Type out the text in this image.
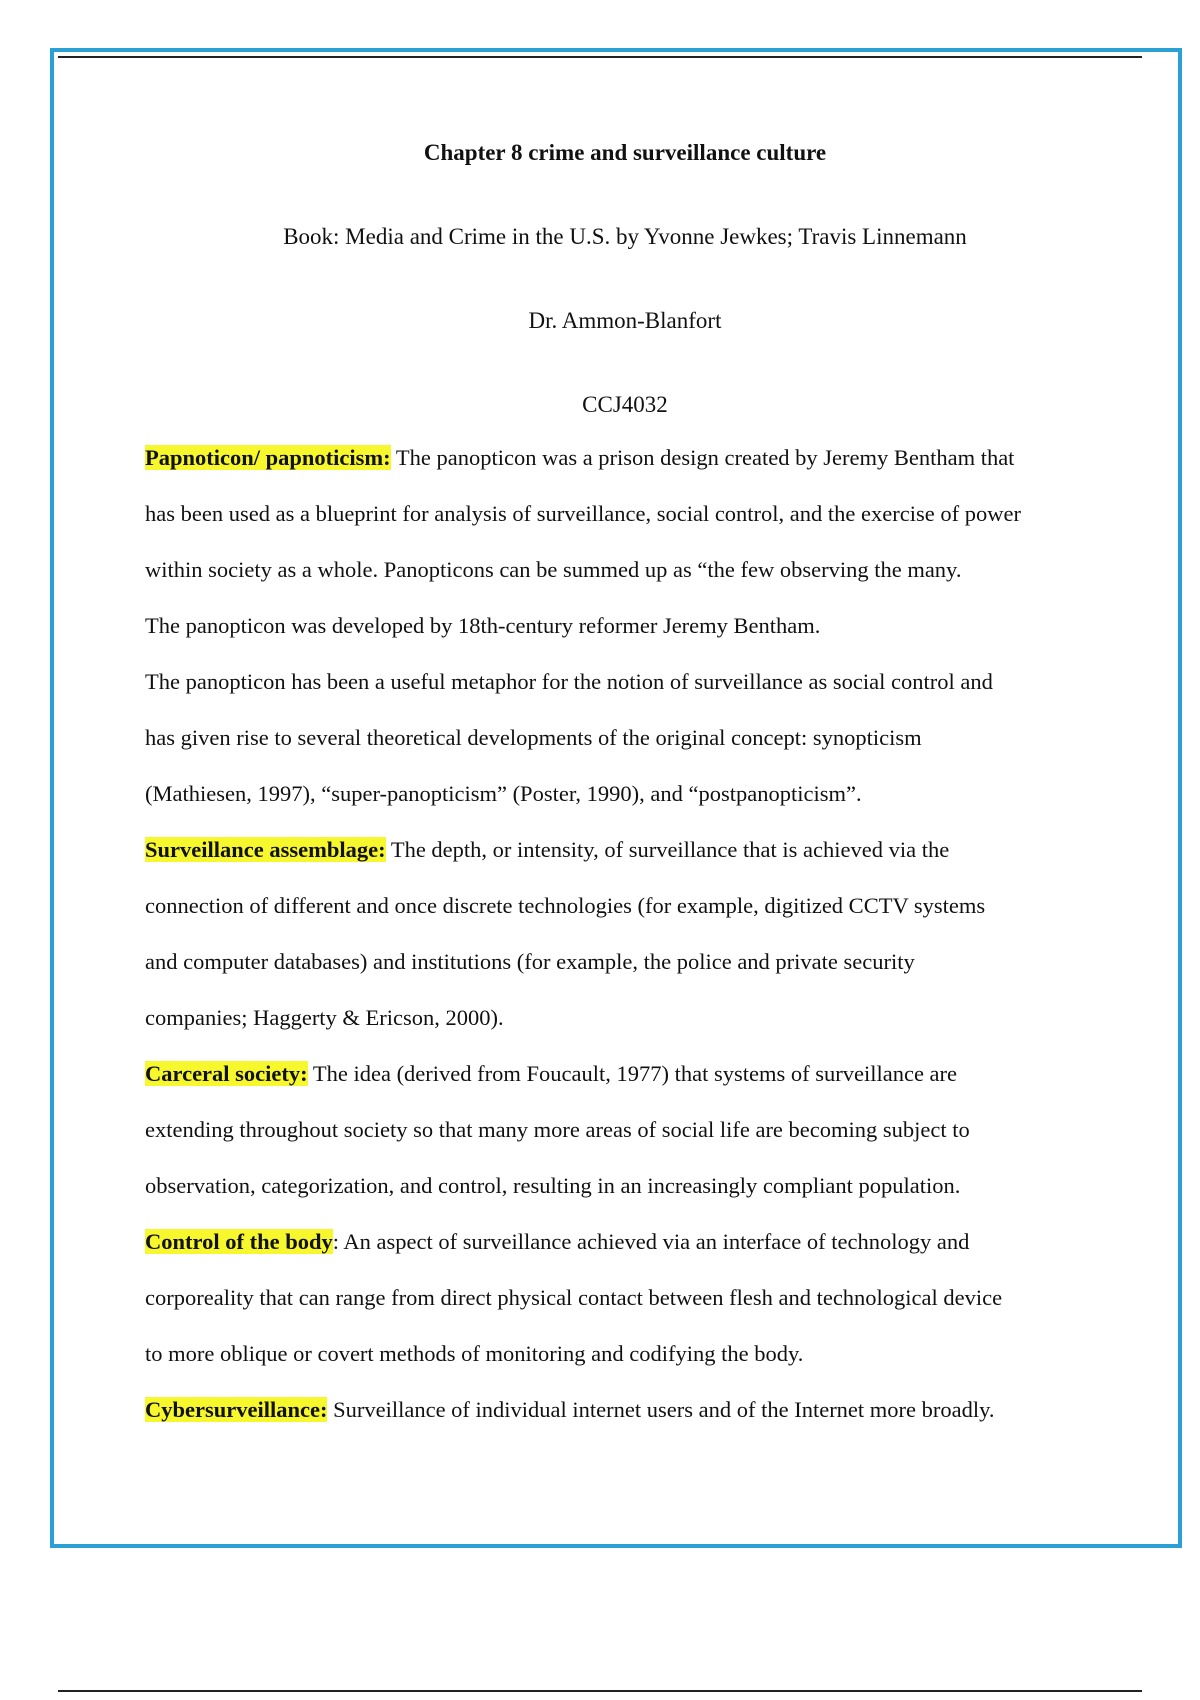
Chapter 8 crime and surveillance culture

Book: Media and Crime in the U.S. by Yvonne Jewkes; Travis Linnemann

Dr. Ammon-Blanfort

CCJ4032

Papnoticon/ papnoticism: The panopticon was a prison design created by Jeremy Bentham that
has been used as a blueprint for analysis of surveillance, social control, and the exercise of power
within society as a whole. Panopticons can be summed up as “the few observing the many.
The panopticon was developed by 18th-century reformer Jeremy Bentham.
The panopticon has been a useful metaphor for the notion of surveillance as social control and
has given rise to several theoretical developments of the original concept: synopticism
(Mathiesen, 1997), “super-panopticism” (Poster, 1990), and “postpanopticism”.
Surveillance assemblage: The depth, or intensity, of surveillance that is achieved via the
connection of different and once discrete technologies (for example, digitized CCTV systems
and computer databases) and institutions (for example, the police and private security
companies; Haggerty & Ericson, 2000).
Carceral society: The idea (derived from Foucault, 1977) that systems of surveillance are
extending throughout society so that many more areas of social life are becoming subject to
observation, categorization, and control, resulting in an increasingly compliant population.
Control of the body: An aspect of surveillance achieved via an interface of technology and
corporeality that can range from direct physical contact between flesh and technological device
to more oblique or covert methods of monitoring and codifying the body.
Cybersurveillance: Surveillance of individual internet users and of the Internet more broadly.
